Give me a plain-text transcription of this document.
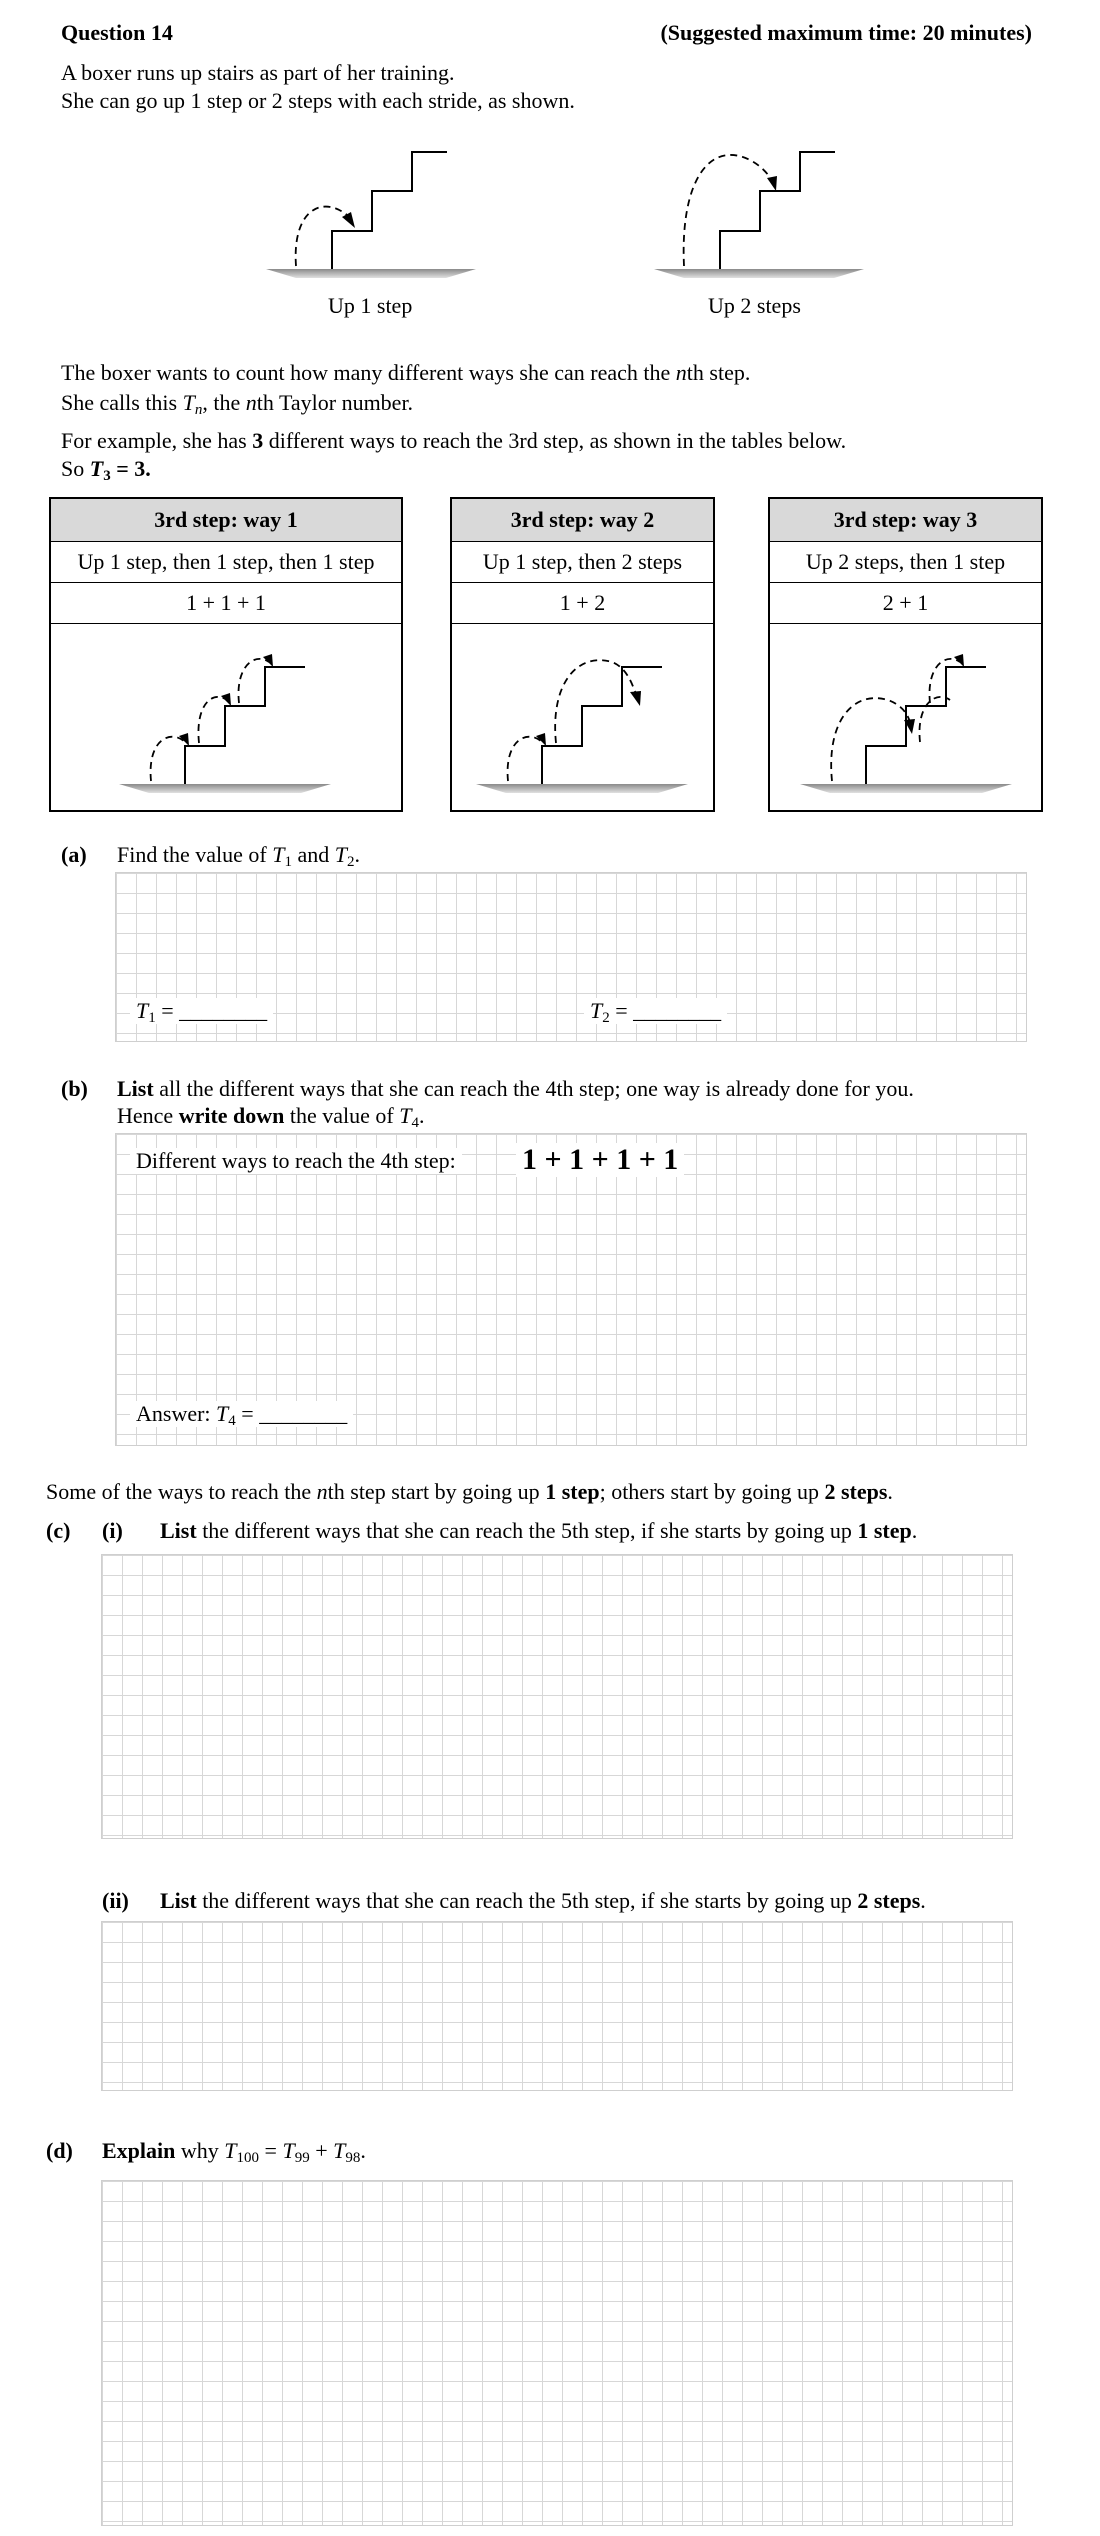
Question 14	(Suggested maximum time: 20 minutes)
A boxer runs up stairs as part of her training.
She can go up 1 step or 2 steps with each stride, as shown.
Up 1 step	Up 2 steps
The boxer wants to count how many different ways she can reach the nth step.
She calls this $T_n$, the nth Taylor number.
For example, she has 3 different ways to reach the 3rd step, as shown in the tables below.
So $T_3 = 3$.
3rd step: way 1
Up 1 step, then 1 step, then 1 step
1 + 1 + 1
3rd step: way 2
Up 1 step, then 2 steps
1 + 2
3rd step: way 3
Up 2 steps, then 1 step
2 + 1
(a) Find the value of $T_1$ and $T_2$.
$T_1$ = ________	$T_2$ = ________
(b) List all the different ways that she can reach the 4th step; one way is already done for you.
Hence write down the value of $T_4$.
Different ways to reach the 4th step: 1 + 1 + 1 + 1
Answer: $T_4$ = ________
Some of the ways to reach the nth step start by going up 1 step; others start by going up 2 steps.
(c) (i) List the different ways that she can reach the 5th step, if she starts by going up 1 step.
(ii) List the different ways that she can reach the 5th step, if she starts by going up 2 steps.
(d) Explain why $T_{100} = T_{99} + T_{98}$.
